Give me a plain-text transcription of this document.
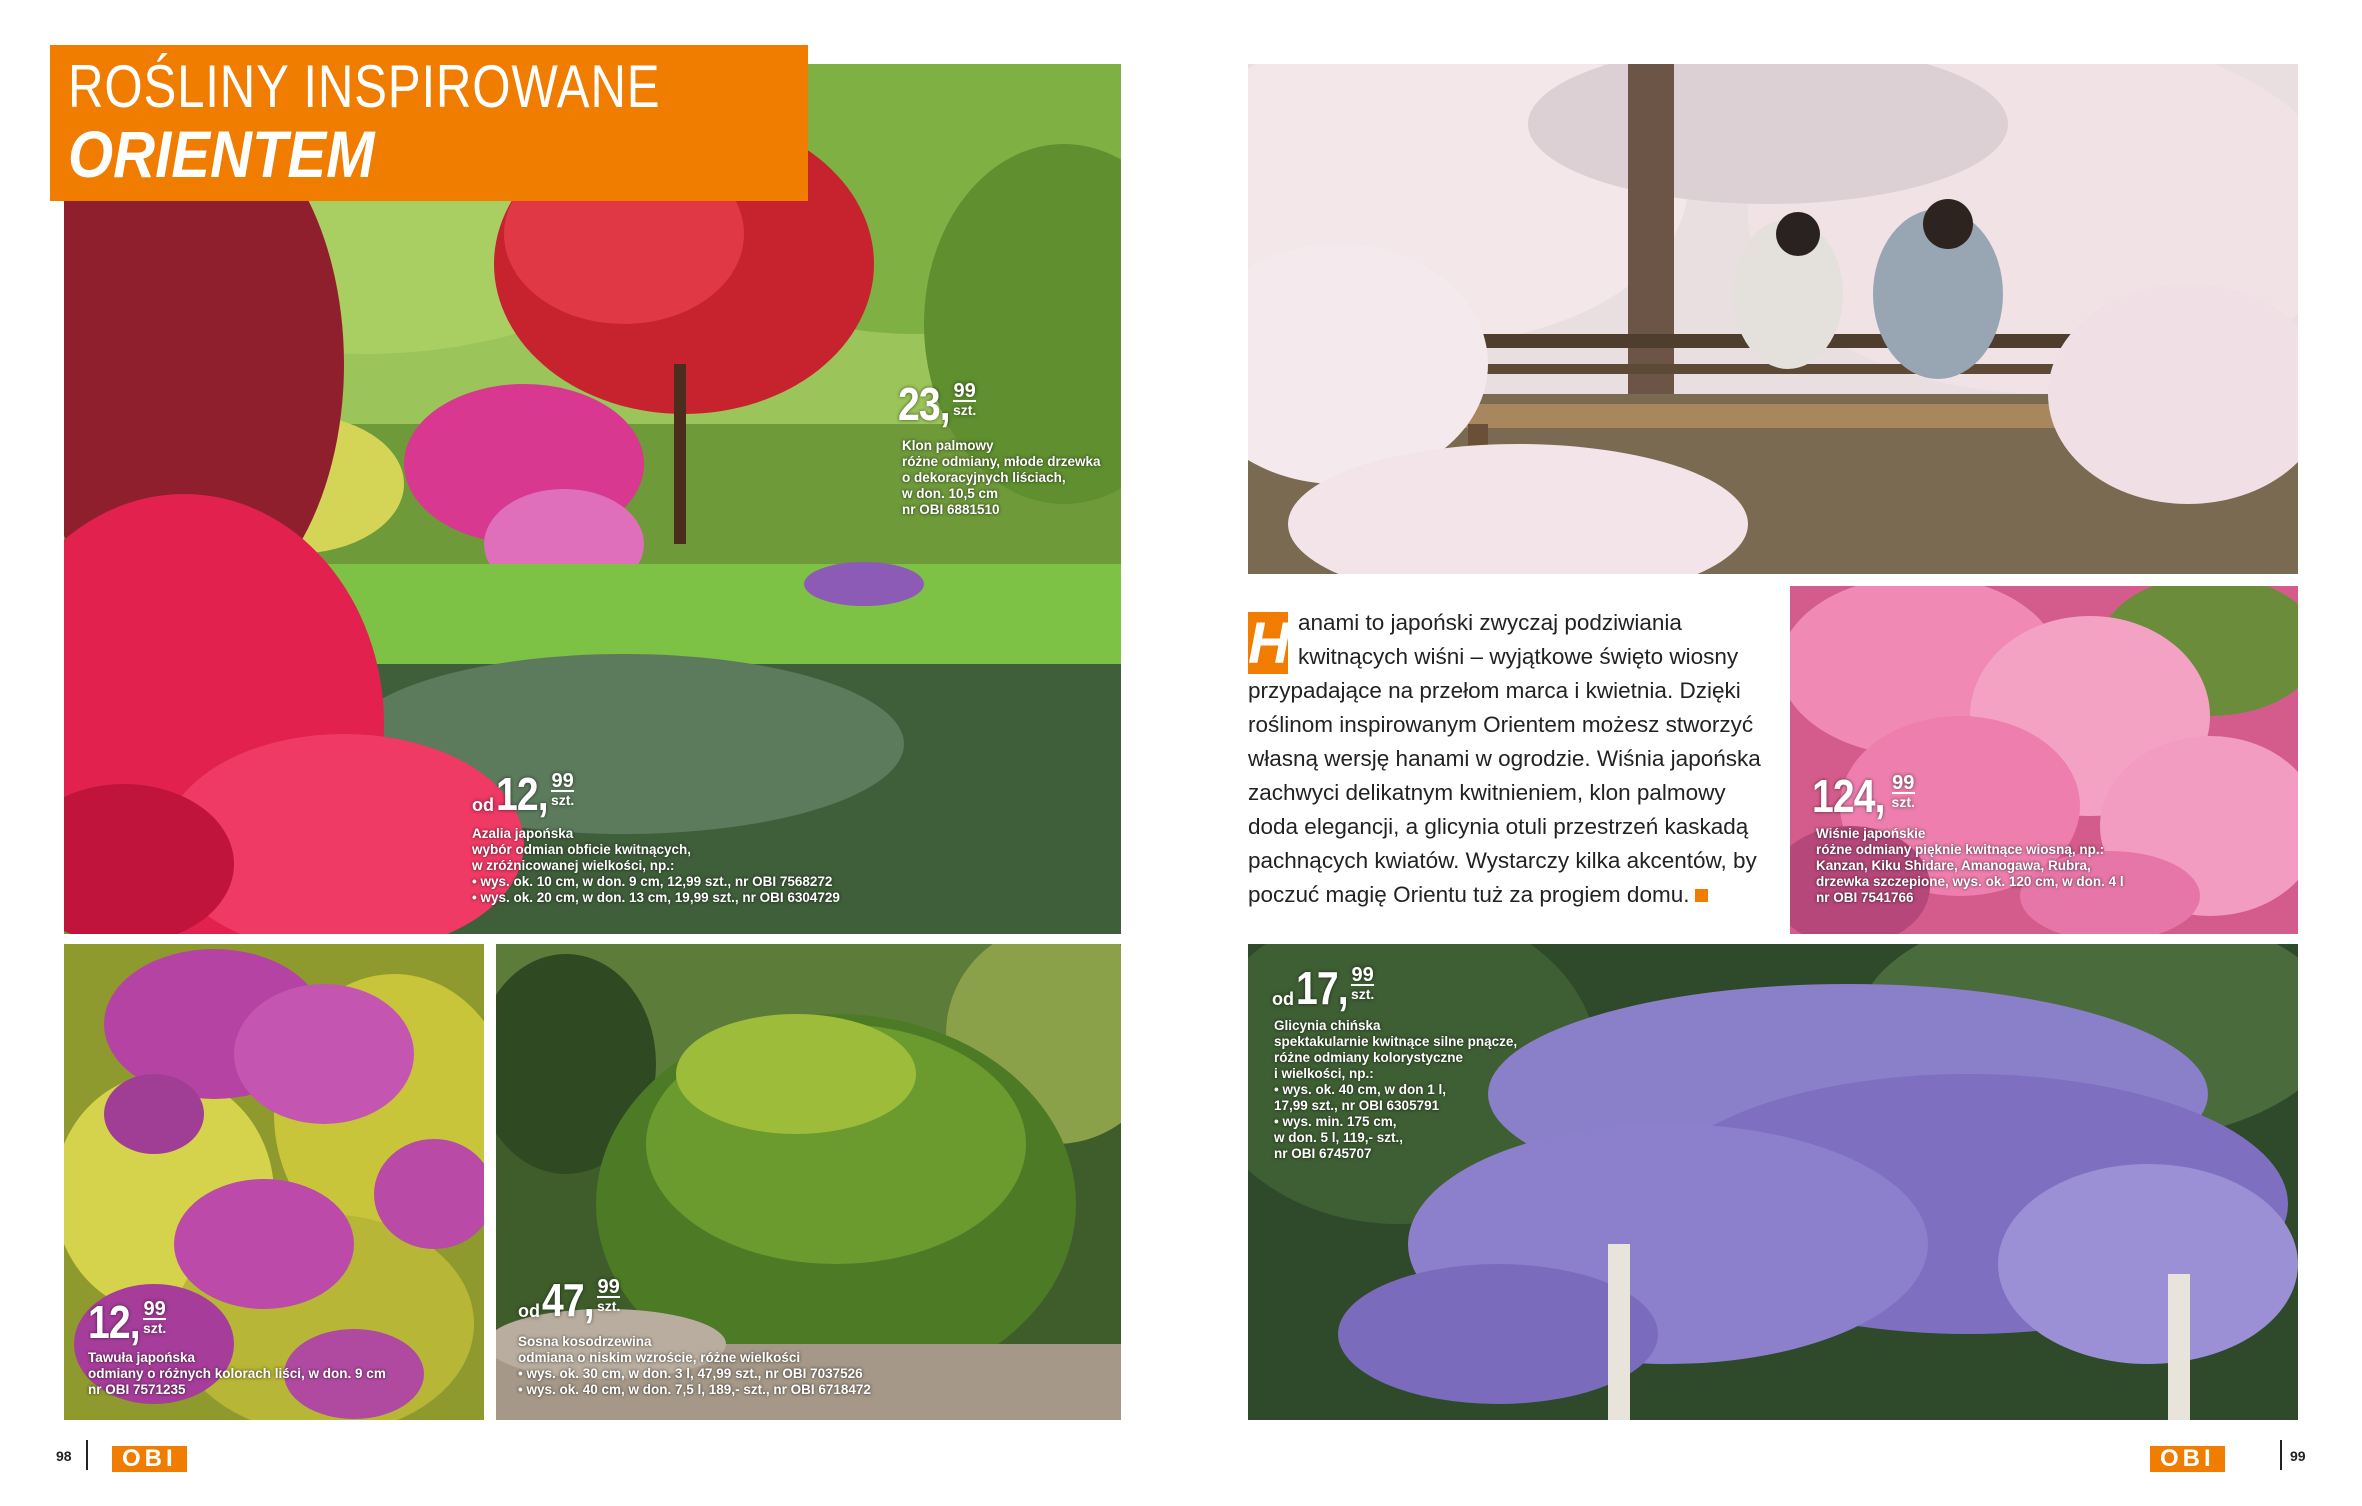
ROŚLINY INSPIROWANE
ORIENTEM
23, 99
szt.
Klon palmowy
różne odmiany, młode drzewka
o dekoracyjnych liściach,
w don. 10,5 cm
nr OBI 6881510
od12, 99
szt.
Azalia japońska
wybór odmian obficie kwitnących,
w zróżnicowanej wielkości, np.:
• wys. ok. 10 cm, w don. 9 cm, 12,99 szt., nr OBI 7568272
• wys. ok. 20 cm, w don. 13 cm, 19,99 szt., nr OBI 6304729
12, 99
szt.
Tawuła japońska
odmiany o różnych kolorach liści, w don. 9 cm
nr OBI 7571235
od47, 99
szt.
Sosna kosodrzewina
odmiana o niskim wzroście, różne wielkości
• wys. ok. 30 cm, w don. 3 l, 47,99 szt., nr OBI 7037526
• wys. ok. 40 cm, w don. 7,5 l, 189,- szt., nr OBI 6718472
H anami to japoński zwyczaj podziwiania kwitnących wiśni – wyjątkowe święto wiosny przypadające na przełom marca i kwietnia. Dzięki roślinom inspirowanym Orientem możesz stworzyć własną wersję hanami w ogrodzie. Wiśnia japońska zachwyci delikatnym kwitnieniem, klon palmowy doda elegancji, a glicynia otuli przestrzeń kaskadą pachnących kwiatów. Wystarczy kilka akcentów, by poczuć magię Orientu tuż za progiem domu.
124, 99
szt.
Wiśnie japońskie
różne odmiany pięknie kwitnące wiosną, np.:
Kanzan, Kiku Shidare, Amanogawa, Rubra,
drzewka szczepione, wys. ok. 120 cm, w don. 4 l
nr OBI 7541766
od17, 99
szt.
Glicynia chińska
spektakularnie kwitnące silne pnącze,
różne odmiany kolorystyczne
i wielkości, np.:
• wys. ok. 40 cm, w don 1 l,
17,99 szt., nr OBI 6305791
• wys. min. 175 cm,
w don. 5 l, 119,- szt.,
nr OBI 6745707
98	OBI	OBI	99
